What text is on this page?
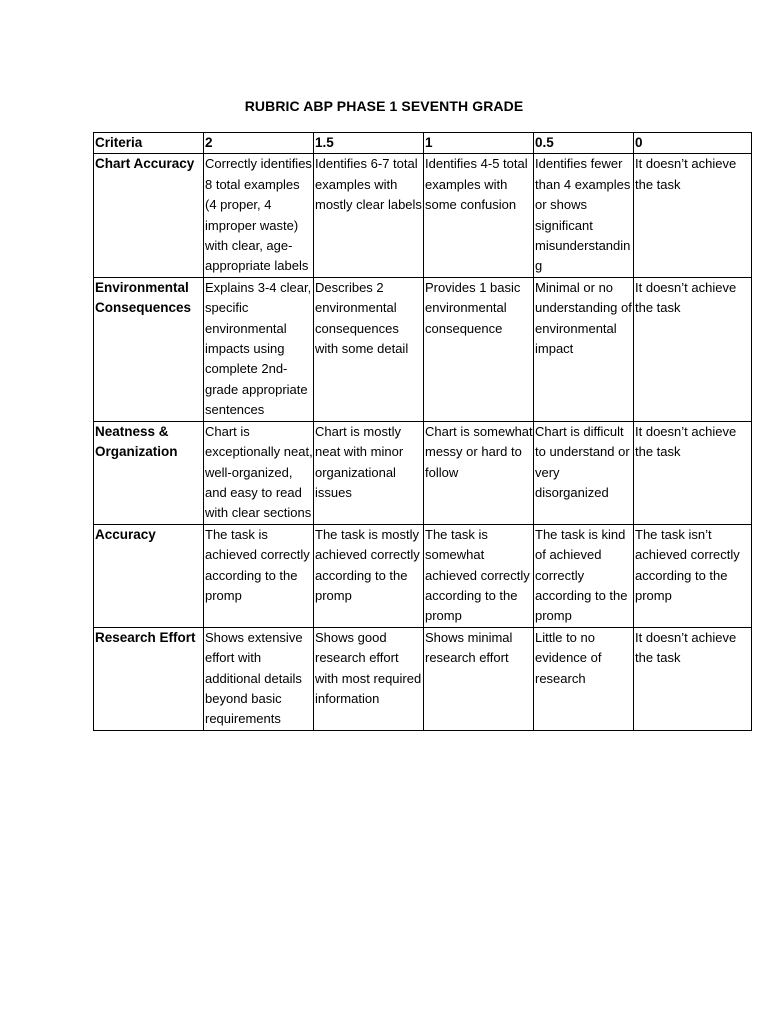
RUBRIC ABP PHASE 1 SEVENTH GRADE
Criteria	2	1.5	1	0.5	0
Chart Accuracy	Correctly identifies 8 total examples (4 proper, 4 improper waste) with clear, age-appropriate labels	Identifies 6-7 total examples with mostly clear labels	Identifies 4-5 total examples with some confusion	Identifies fewer than 4 examples or shows significant misunderstanding	It doesn’t achieve the task
Environmental Consequences	Explains 3-4 clear, specific environmental impacts using complete 2nd-grade appropriate sentences	Describes 2 environmental consequences with some detail	Provides 1 basic environmental consequence	Minimal or no understanding of environmental impact	It doesn’t achieve the task
Neatness & Organization	Chart is exceptionally neat, well-organized, and easy to read with clear sections	Chart is mostly neat with minor organizational issues	Chart is somewhat messy or hard to follow	Chart is difficult to understand or very disorganized	It doesn’t achieve the task
Accuracy	The task is achieved correctly according to the promp	The task is mostly achieved correctly according to the promp	The task is somewhat achieved correctly according to the promp	The task is kind of achieved correctly according to the promp	The task isn’t achieved correctly according to the promp
Research Effort	Shows extensive effort with additional details beyond basic requirements	Shows good research effort with most required information	Shows minimal research effort	Little to no evidence of research	It doesn’t achieve the task
